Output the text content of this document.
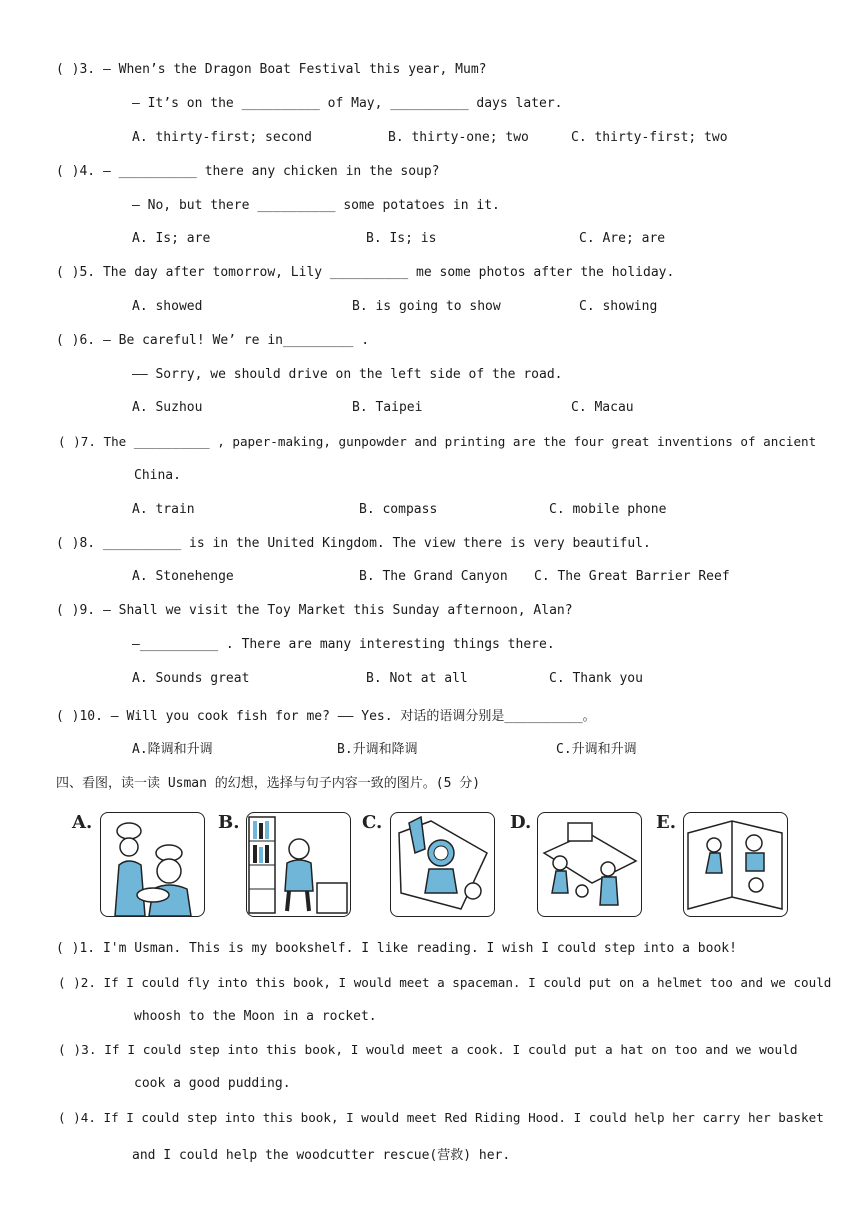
( )3. — When’s the Dragon Boat Festival this year, Mum?
— It’s on the __________ of May, __________ days later.
A. thirty-first; second	B. thirty-one; two	C. thirty-first; two
( )4. — __________ there any chicken in the soup?
— No, but there __________ some potatoes in it.
A. Is; are	B. Is; is	C. Are; are
( )5. The day after tomorrow, Lily __________ me some photos after the holiday.
A. showed	B. is going to show	C. showing
( )6. — Be careful! We’ re in_________ .
—— Sorry, we should drive on the left side of the road.
A. Suzhou	B. Taipei	C. Macau
( )7. The __________ , paper-making, gunpowder and printing are the four great inventions of ancient
China.
A. train	B. compass	C. mobile phone
( )8. __________ is in the United Kingdom. The view there is very beautiful.
A. Stonehenge	B. The Grand Canyon C. The Great Barrier Reef
( )9. — Shall we visit the Toy Market this Sunday afternoon, Alan?
—__________ . There are many interesting things there.
A. Sounds great	B. Not at all	C. Thank you
( )10. — Will you cook fish for me? —— Yes. 对话的语调分别是__________。
A.降调和升调	B.升调和降调	C.升调和升调
四、看图，读一读 Usman 的幻想，选择与句子内容一致的图片。(5 分)
A.	B.	C.	D.	E.
( )1. I'm Usman. This is my bookshelf. I like reading. I wish I could step into a book!
( )2. If I could fly into this book, I would meet a spaceman. I could put on a helmet too and we could
whoosh to the Moon in a rocket.
( )3. If I could step into this book, I would meet a cook. I could put a hat on too and we would
cook a good pudding.
( )4. If I could step into this book, I would meet Red Riding Hood. I could help her carry her basket
and I could help the woodcutter rescue(营救) her.
